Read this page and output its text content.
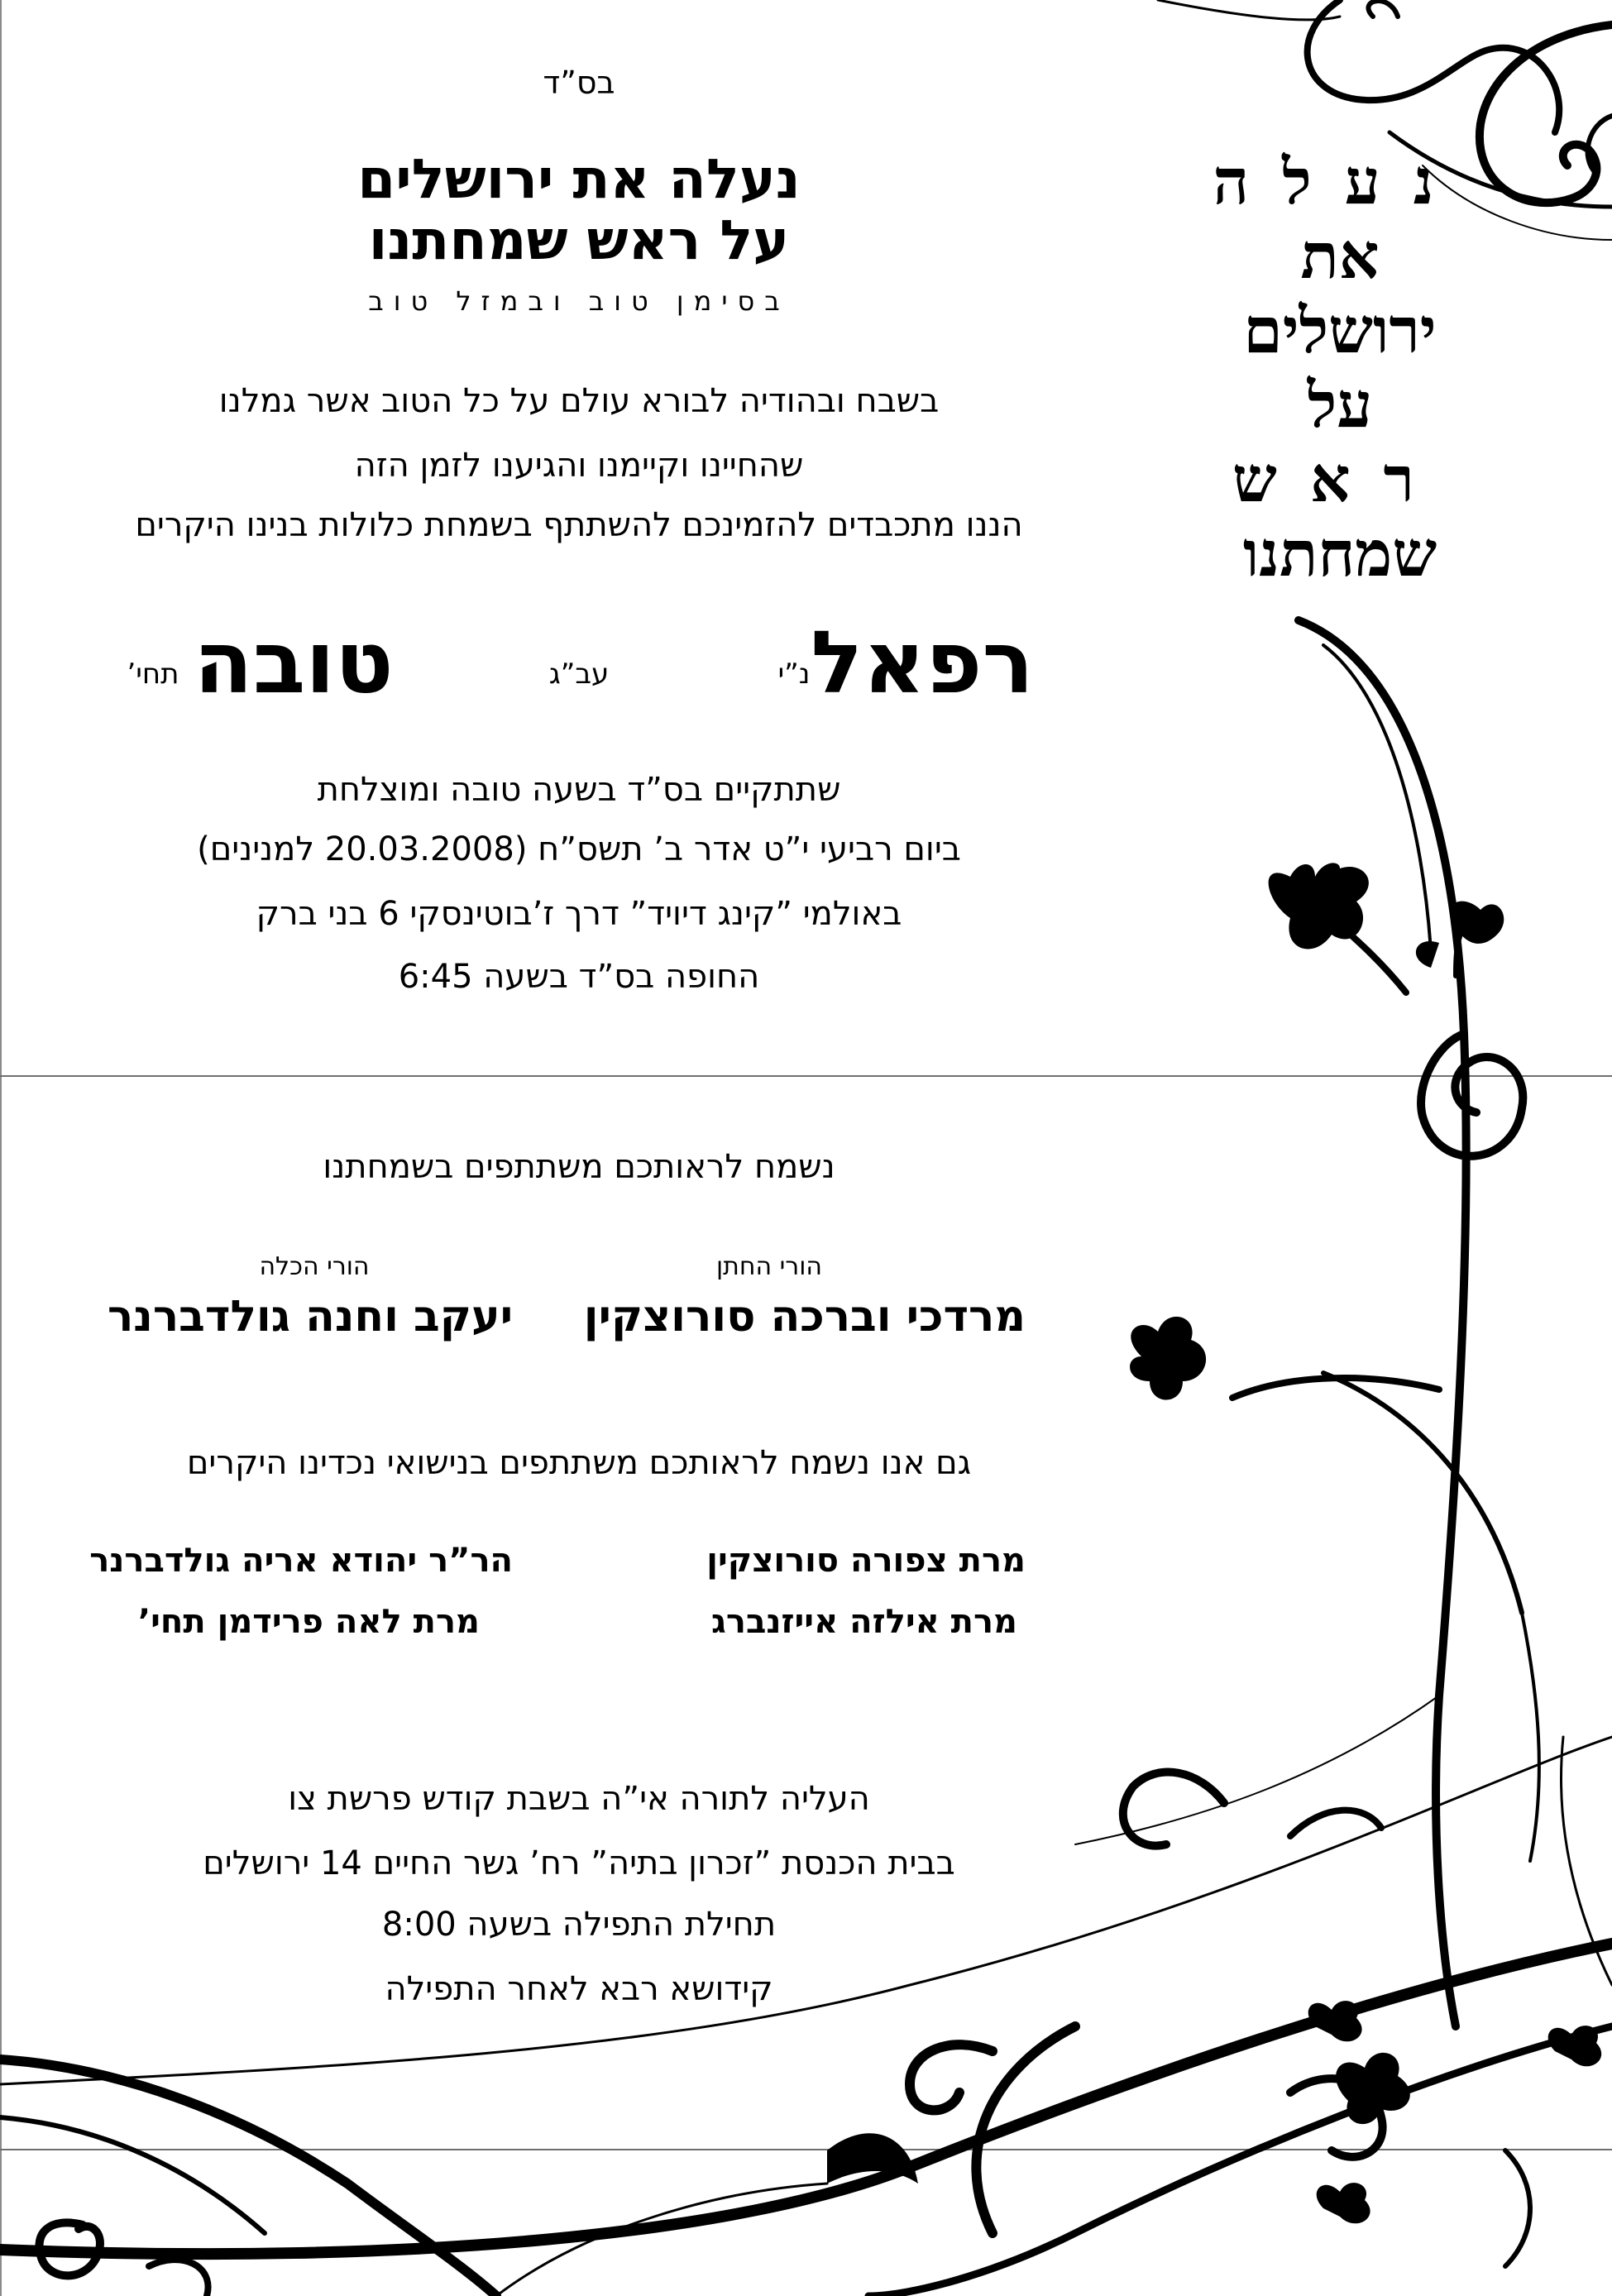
בס”ד
נעלה את ירושלים
על ראש שמחתנו
בסימן טוב ובמזל טוב
נעלה
את
ירושלים
על
ראש
שמחתנו
בשבח ובהודיה לבורא עולם על כל הטוב אשר גמלנו
שהחיינו וקיימנו והגיענו לזמן הזה
הננו מתכבדים להזמינכם להשתתף בשמחת כלולות בנינו היקרים
רפאל
נ”י
עב”ג
טובה
תחי’
שתתקיים בס”ד בשעה טובה ומוצלחת
ביום רביעי י”ט אדר ב’ תשס”ח (20.03.2008 למנינים)
באולמי ”קינג דיויד” דרך ז’בוטינסקי 6 בני ברק
החופה בס”ד בשעה 6:45
נשמח לראותכם משתתפים בשמחתנו
הורי החתן
מרדכי וברכה סורוצקין
הורי הכלה
יעקב וחנה גולדברנר
גם אנו נשמח לראותכם משתתפים בנישואי נכדינו היקרים
מרת צפורה סורוצקין
מרת אילזה אייזנברג
הר”ר יהודא אריה גולדברנר
מרת לאה פרידמן תחי’
העליה לתורה אי”ה בשבת קודש פרשת צו
בבית הכנסת ”זכרון בתיה” רח’ גשר החיים 14 ירושלים
תחילת התפילה בשעה 8:00
קידושא רבא לאחר התפילה
